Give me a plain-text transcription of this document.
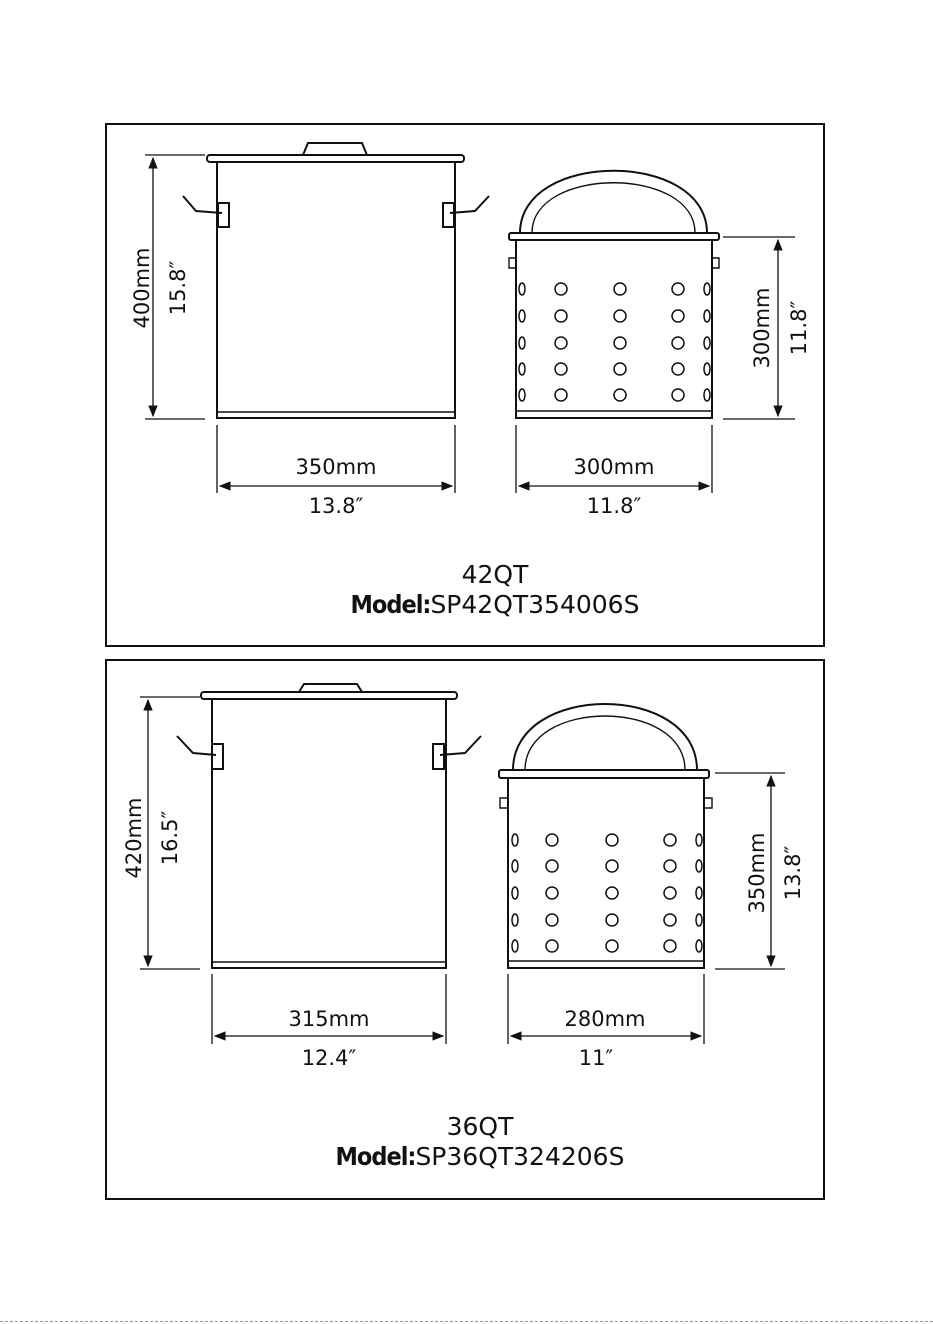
400mm 15.8″
350mm
13.8″
300mm 11.8″
300mm
11.8″
420mm 16.5″
315mm
12.4″
350mm 13.8″
280mm
11″
42QT
Model:SP42QT354006S
36QT
Model:SP36QT324206S
